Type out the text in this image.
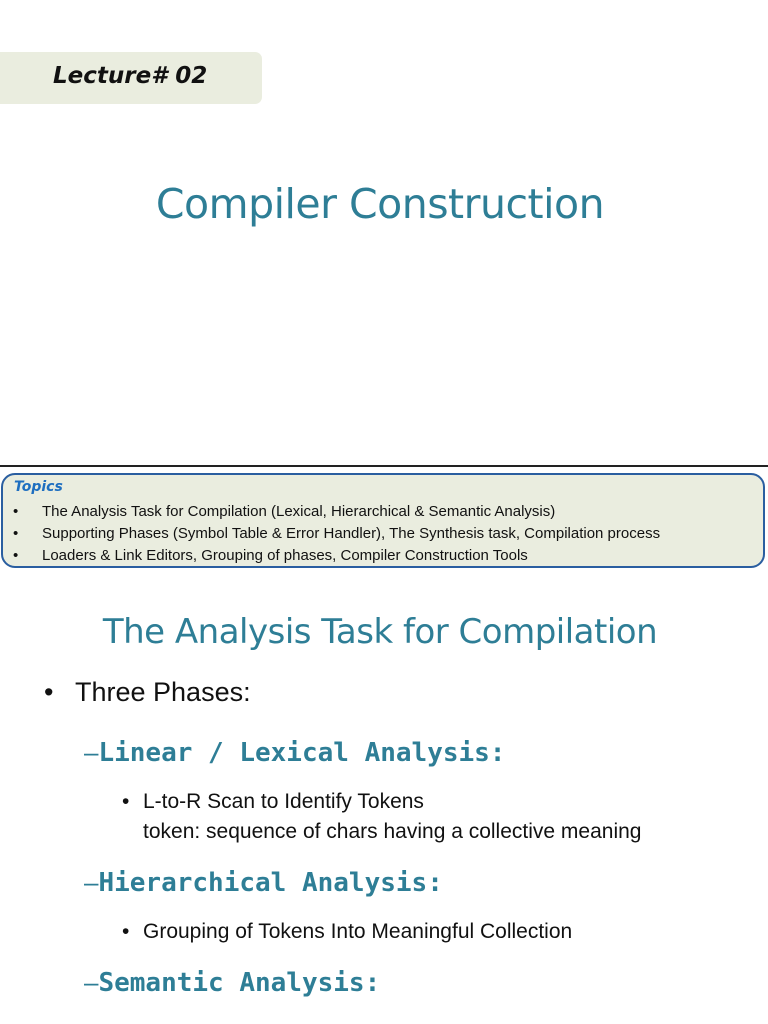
Lecture# 02
Compiler Construction
Topics
• The Analysis Task for Compilation (Lexical, Hierarchical & Semantic Analysis)
• Supporting Phases (Symbol Table & Error Handler), The Synthesis task, Compilation process
• Loaders & Link Editors, Grouping of phases, Compiler Construction Tools
The Analysis Task for Compilation
• Three Phases:
–Linear / Lexical Analysis:
• L-to-R Scan to Identify Tokens
token: sequence of chars having a collective meaning
–Hierarchical Analysis:
• Grouping of Tokens Into Meaningful Collection
–Semantic Analysis:
